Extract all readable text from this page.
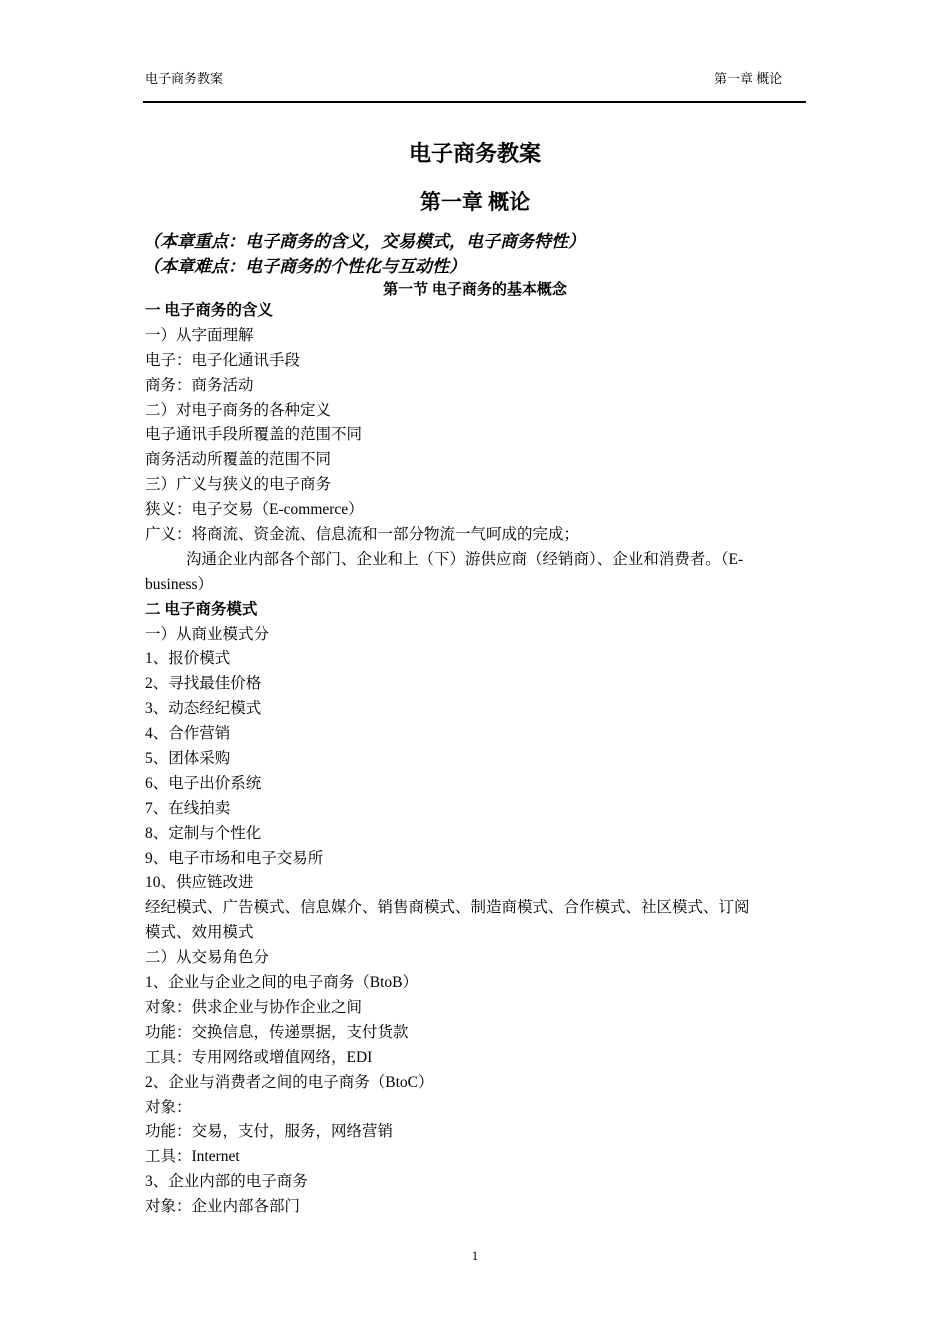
电子商务教案	第一章 概论
电子商务教案
第一章 概论
（本章重点：电子商务的含义，交易模式，电子商务特性）
（本章难点：电子商务的个性化与互动性）
第一节 电子商务的基本概念
一 电子商务的含义
一）从字面理解
电子：电子化通讯手段
商务：商务活动
二）对电子商务的各种定义
电子通讯手段所覆盖的范围不同
商务活动所覆盖的范围不同
三）广义与狭义的电子商务
狭义：电子交易（E-commerce）
广义：将商流、资金流、信息流和一部分物流一气呵成的完成；
沟通企业内部各个部门、企业和上（下）游供应商（经销商）、企业和消费者。（E-
business）
二 电子商务模式
一）从商业模式分
1、报价模式
2、寻找最佳价格
3、动态经纪模式
4、合作营销
5、团体采购
6、电子出价系统
7、在线拍卖
8、定制与个性化
9、电子市场和电子交易所
10、供应链改进
经纪模式、广告模式、信息媒介、销售商模式、制造商模式、合作模式、社区模式、订阅
模式、效用模式
二）从交易角色分
1、企业与企业之间的电子商务（BtoB）
对象：供求企业与协作企业之间
功能：交换信息，传递票据，支付货款
工具：专用网络或增值网络，EDI
2、企业与消费者之间的电子商务（BtoC）
对象：
功能：交易，支付，服务，网络营销
工具：Internet
3、企业内部的电子商务
对象：企业内部各部门
1
